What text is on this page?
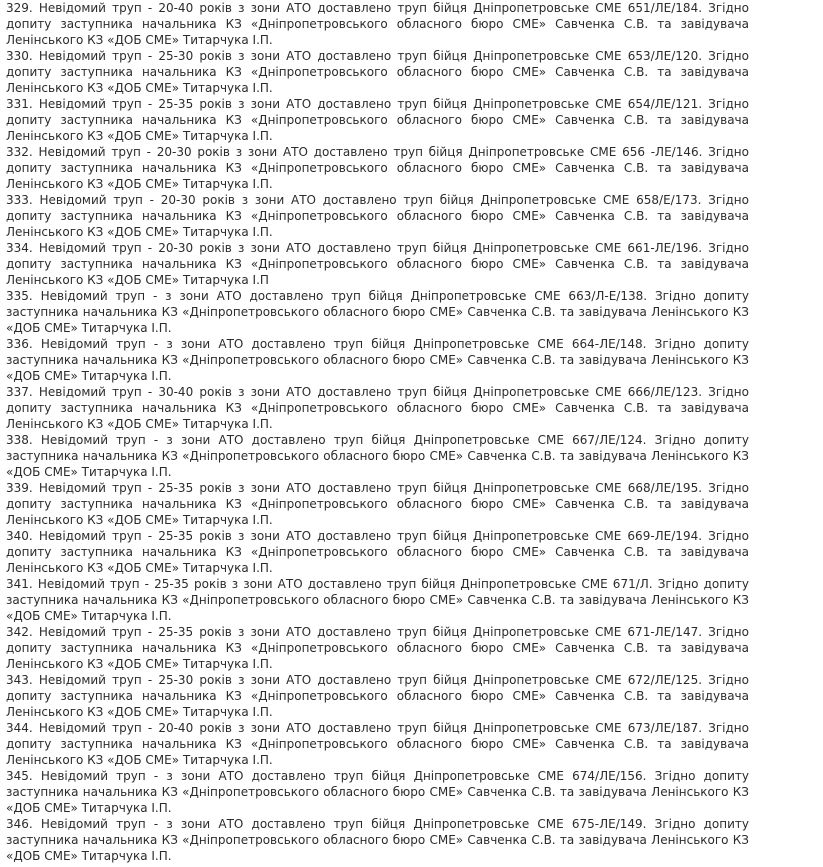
329. Невідомий труп - 20-40 років з зони АТО доставлено труп бійця Дніпропетровське СМЕ 651/ЛЕ/184. Згідно допиту заступника начальника КЗ «Дніпропетровського обласного бюро СМЕ» Савченка С.В. та завідувача Ленінського КЗ «ДОБ СМЕ» Титарчука І.П.

330. Невідомий труп - 25-30 років з зони АТО доставлено труп бійця Дніпропетровське СМЕ 653/ЛЕ/120. Згідно допиту заступника начальника КЗ «Дніпропетровського обласного бюро СМЕ» Савченка С.В. та завідувача Ленінського КЗ «ДОБ СМЕ» Титарчука І.П.

331. Невідомий труп - 25-35 років з зони АТО доставлено труп бійця Дніпропетровське СМЕ 654/ЛЕ/121. Згідно допиту заступника начальника КЗ «Дніпропетровського обласного бюро СМЕ» Савченка С.В. та завідувача Ленінського КЗ «ДОБ СМЕ» Титарчука І.П.

332. Невідомий труп - 20-30 років з зони АТО доставлено труп бійця Дніпропетровське СМЕ 656 -ЛЕ/146. Згідно допиту заступника начальника КЗ «Дніпропетровського обласного бюро СМЕ» Савченка С.В. та завідувача Ленінського КЗ «ДОБ СМЕ» Титарчука І.П.

333. Невідомий труп - 20-30 років з зони АТО доставлено труп бійця Дніпропетровське СМЕ 658/Е/173. Згідно допиту заступника начальника КЗ «Дніпропетровського обласного бюро СМЕ» Савченка С.В. та завідувача Ленінського КЗ «ДОБ СМЕ» Титарчука І.П.

334. Невідомий труп - 20-30 років з зони АТО доставлено труп бійця Дніпропетровське СМЕ 661-ЛЕ/196. Згідно допиту заступника начальника КЗ «Дніпропетровського обласного бюро СМЕ» Савченка С.В. та завідувача Ленінського КЗ «ДОБ СМЕ» Титарчука І.П

335. Невідомий труп - з зони АТО доставлено труп бійця Дніпропетровське СМЕ 663/Л-Е/138. Згідно допиту заступника начальника КЗ «Дніпропетровського обласного бюро СМЕ» Савченка С.В. та завідувача Ленінського КЗ «ДОБ СМЕ» Титарчука І.П.

336. Невідомий труп - з зони АТО доставлено труп бійця Дніпропетровське СМЕ 664-ЛЕ/148. Згідно допиту заступника начальника КЗ «Дніпропетровського обласного бюро СМЕ» Савченка С.В. та завідувача Ленінського КЗ «ДОБ СМЕ» Титарчука І.П.

337. Невідомий труп - 30-40 років з зони АТО доставлено труп бійця Дніпропетровське СМЕ 666/ЛЕ/123. Згідно допиту заступника начальника КЗ «Дніпропетровського обласного бюро СМЕ» Савченка С.В. та завідувача Ленінського КЗ «ДОБ СМЕ» Титарчука І.П.

338. Невідомий труп - з зони АТО доставлено труп бійця Дніпропетровське СМЕ 667/ЛЕ/124. Згідно допиту заступника начальника КЗ «Дніпропетровського обласного бюро СМЕ» Савченка С.В. та завідувача Ленінського КЗ «ДОБ СМЕ» Титарчука І.П.

339. Невідомий труп - 25-35 років з зони АТО доставлено труп бійця Дніпропетровське СМЕ 668/ЛЕ/195. Згідно допиту заступника начальника КЗ «Дніпропетровського обласного бюро СМЕ» Савченка С.В. та завідувача Ленінського КЗ «ДОБ СМЕ» Титарчука І.П.

340. Невідомий труп - 25-35 років з зони АТО доставлено труп бійця Дніпропетровське СМЕ 669-ЛЕ/194. Згідно допиту заступника начальника КЗ «Дніпропетровського обласного бюро СМЕ» Савченка С.В. та завідувача Ленінського КЗ «ДОБ СМЕ» Титарчука І.П.

341. Невідомий труп - 25-35 років з зони АТО доставлено труп бійця Дніпропетровське СМЕ 671/Л. Згідно допиту заступника начальника КЗ «Дніпропетровського обласного бюро СМЕ» Савченка С.В. та завідувача Ленінського КЗ «ДОБ СМЕ» Титарчука І.П.

342. Невідомий труп - 25-35 років з зони АТО доставлено труп бійця Дніпропетровське СМЕ 671-ЛЕ/147. Згідно допиту заступника начальника КЗ «Дніпропетровського обласного бюро СМЕ» Савченка С.В. та завідувача Ленінського КЗ «ДОБ СМЕ» Титарчука І.П.

343. Невідомий труп - 25-30 років з зони АТО доставлено труп бійця Дніпропетровське СМЕ 672/ЛЕ/125. Згідно допиту заступника начальника КЗ «Дніпропетровського обласного бюро СМЕ» Савченка С.В. та завідувача Ленінського КЗ «ДОБ СМЕ» Титарчука І.П.

344. Невідомий труп - 20-40 років з зони АТО доставлено труп бійця Дніпропетровське СМЕ 673/ЛЕ/187. Згідно допиту заступника начальника КЗ «Дніпропетровського обласного бюро СМЕ» Савченка С.В. та завідувача Ленінського КЗ «ДОБ СМЕ» Титарчука І.П.

345. Невідомий труп - з зони АТО доставлено труп бійця Дніпропетровське СМЕ 674/ЛЕ/156. Згідно допиту заступника начальника КЗ «Дніпропетровського обласного бюро СМЕ» Савченка С.В. та завідувача Ленінського КЗ «ДОБ СМЕ» Титарчука І.П.

346. Невідомий труп - з зони АТО доставлено труп бійця Дніпропетровське СМЕ 675-ЛЕ/149. Згідно допиту заступника начальника КЗ «Дніпропетровського обласного бюро СМЕ» Савченка С.В. та завідувача Ленінського КЗ «ДОБ СМЕ» Титарчука І.П.
